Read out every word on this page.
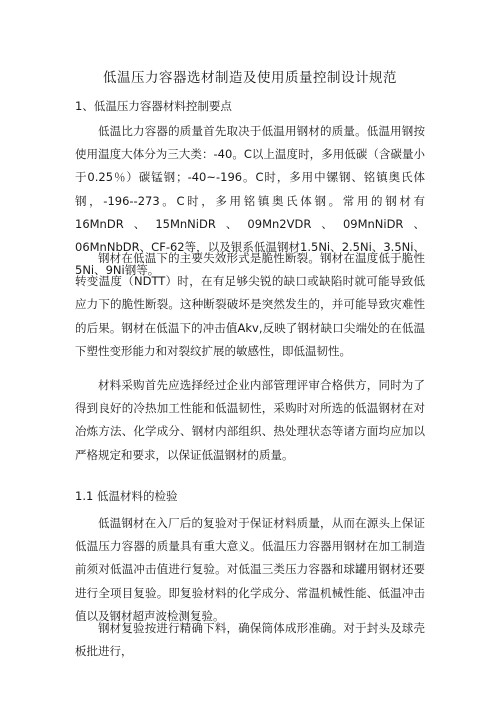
低温压力容器选材制造及使用质量控制设计规范
1、低温压力容器材料控制要点

低温比力容器的质量首先取决于低温用钢材的质量。低温用钢按使用温度大体分为三大类：-40。C以上温度时，多用低碳（含碳量小于0.25％）碳锰钢；-40~-196。C时，多用中镙钢、铭镇奥氏体钢，-196--273。C时，多用铭镇奥氏体钢。常用的钢材有16MnDR、15MnNiDR、09Mn2VDR、09MnNiDR、06MnNbDR、CF-62等，以及银系低温钢材1.5Ni、2.5Ni、3.5Ni、5Ni、9Ni钢等。

钢材在低温下的主要失效形式是脆性断裂。钢材在温度低于脆性转变温度（NDTT）时，在有足够尖锐的缺口或缺陷时就可能导致低应力下的脆性断裂。这种断裂破坏是突然发生的，并可能导致灾难性的后果。钢材在低温下的冲击值Akv,反映了钢材缺口尖端处的在低温下塑性变形能力和对裂纹扩展的敏感性，即低温韧性。

材料采购首先应选择经过企业内部管理评审合格供方，同时为了得到良好的冷热加工性能和低温韧性，采购时对所选的低温钢材在对冶炼方法、化学成分、钢材内部组织、热处理状态等诸方面均应加以严格规定和要求，以保证低温钢材的质量。

1.1 低温材料的检验

低温钢材在入厂后的复验对于保证材料质量，从而在源头上保证低温压力容器的质量具有重大意义。低温压力容器用钢材在加工制造前须对低温冲击值进行复验。对低温三类压力容器和球罐用钢材还要进行全项目复验。即复验材料的化学成分、常温机械性能、低温冲击值以及钢材超声波检测复验。

钢材复验按进行精确下料，确保筒体成形准确。对于封头及球壳板批进行，
